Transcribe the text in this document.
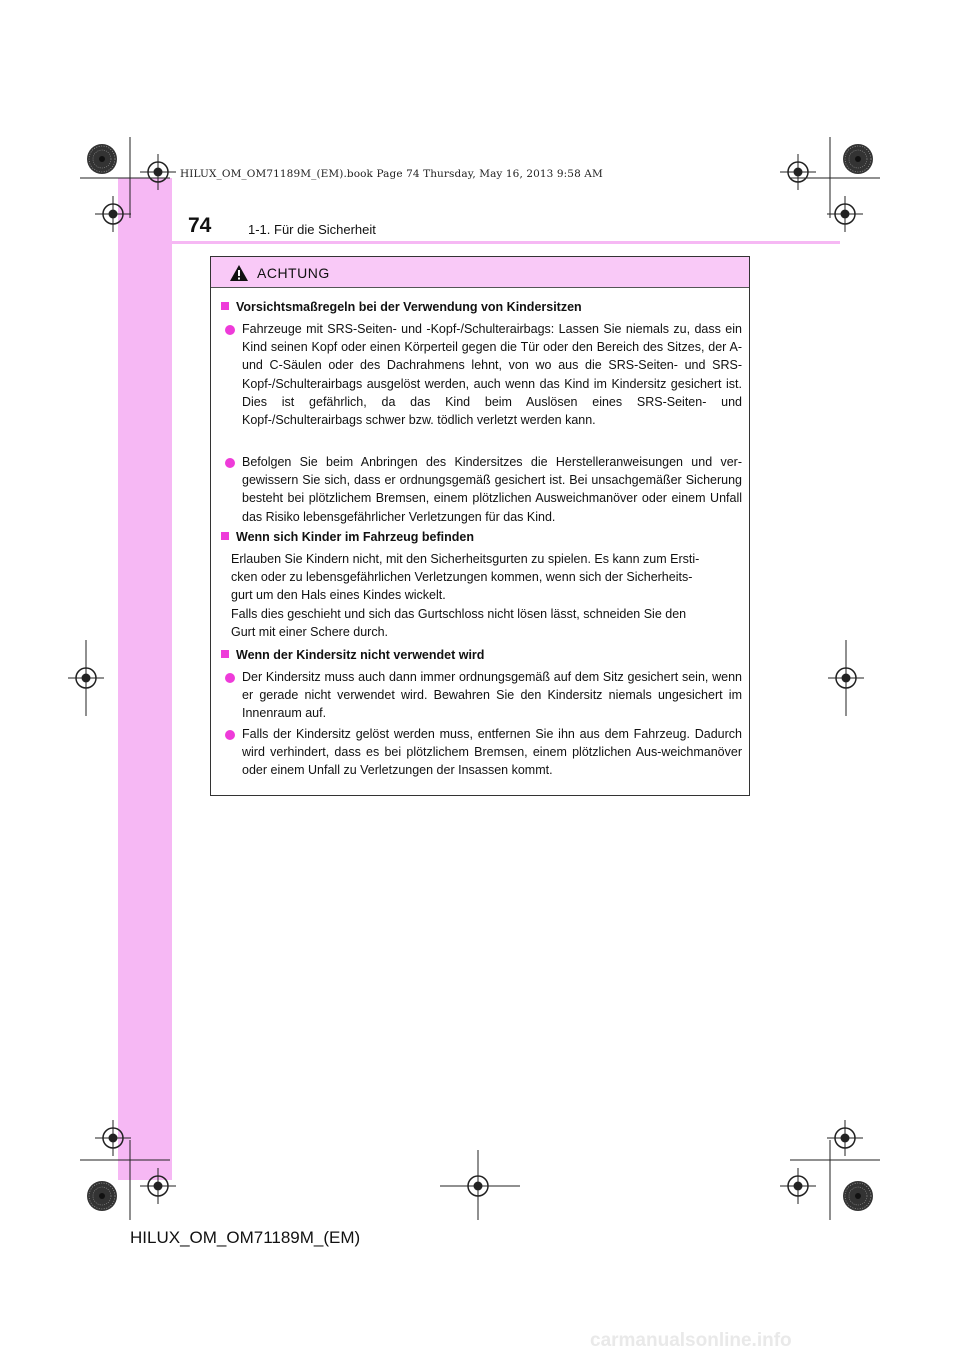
HILUX_OM_OM71189M_(EM).book Page 74 Thursday, May 16, 2013 9:58 AM
74	1-1. Für die Sicherheit
ACHTUNG
Vorsichtsmaßregeln bei der Verwendung von Kindersitzen

Fahrzeuge mit SRS-Seiten- und -Kopf-/Schulterairbags: Lassen Sie niemals zu, dass ein Kind seinen Kopf oder einen Körperteil gegen die Tür oder den Bereich des Sitzes, der A- und C-Säulen oder des Dachrahmens lehnt, von wo aus die SRS-Seiten- und SRS-Kopf-/Schulterairbags ausgelöst werden, auch wenn das Kind im Kindersitz gesichert ist. Dies ist gefährlich, da das Kind beim Auslösen eines SRS-Seiten- und Kopf-/Schulterairbags schwer bzw. tödlich verletzt werden kann.

Befolgen Sie beim Anbringen des Kindersitzes die Herstelleranweisungen und ver-gewissern Sie sich, dass er ordnungsgemäß gesichert ist. Bei unsachgemäßer Sicherung besteht bei plötzlichem Bremsen, einem plötzlichen Ausweichmanöver oder einem Unfall das Risiko lebensgefährlicher Verletzungen für das Kind.

Wenn sich Kinder im Fahrzeug befinden
Erlauben Sie Kindern nicht, mit den Sicherheitsgurten zu spielen. Es kann zum Ersti-
cken oder zu lebensgefährlichen Verletzungen kommen, wenn sich der Sicherheits-
gurt um den Hals eines Kindes wickelt.
Falls dies geschieht und sich das Gurtschloss nicht lösen lässt, schneiden Sie den
Gurt mit einer Schere durch.
Wenn der Kindersitz nicht verwendet wird

Der Kindersitz muss auch dann immer ordnungsgemäß auf dem Sitz gesichert sein, wenn er gerade nicht verwendet wird. Bewahren Sie den Kindersitz niemals ungesichert im Innenraum auf.

Falls der Kindersitz gelöst werden muss, entfernen Sie ihn aus dem Fahrzeug. Dadurch wird verhindert, dass es bei plötzlichem Bremsen, einem plötzlichen Aus-weichmanöver oder einem Unfall zu Verletzungen der Insassen kommt.

HILUX_OM_OM71189M_(EM)
carmanualsonline.info
